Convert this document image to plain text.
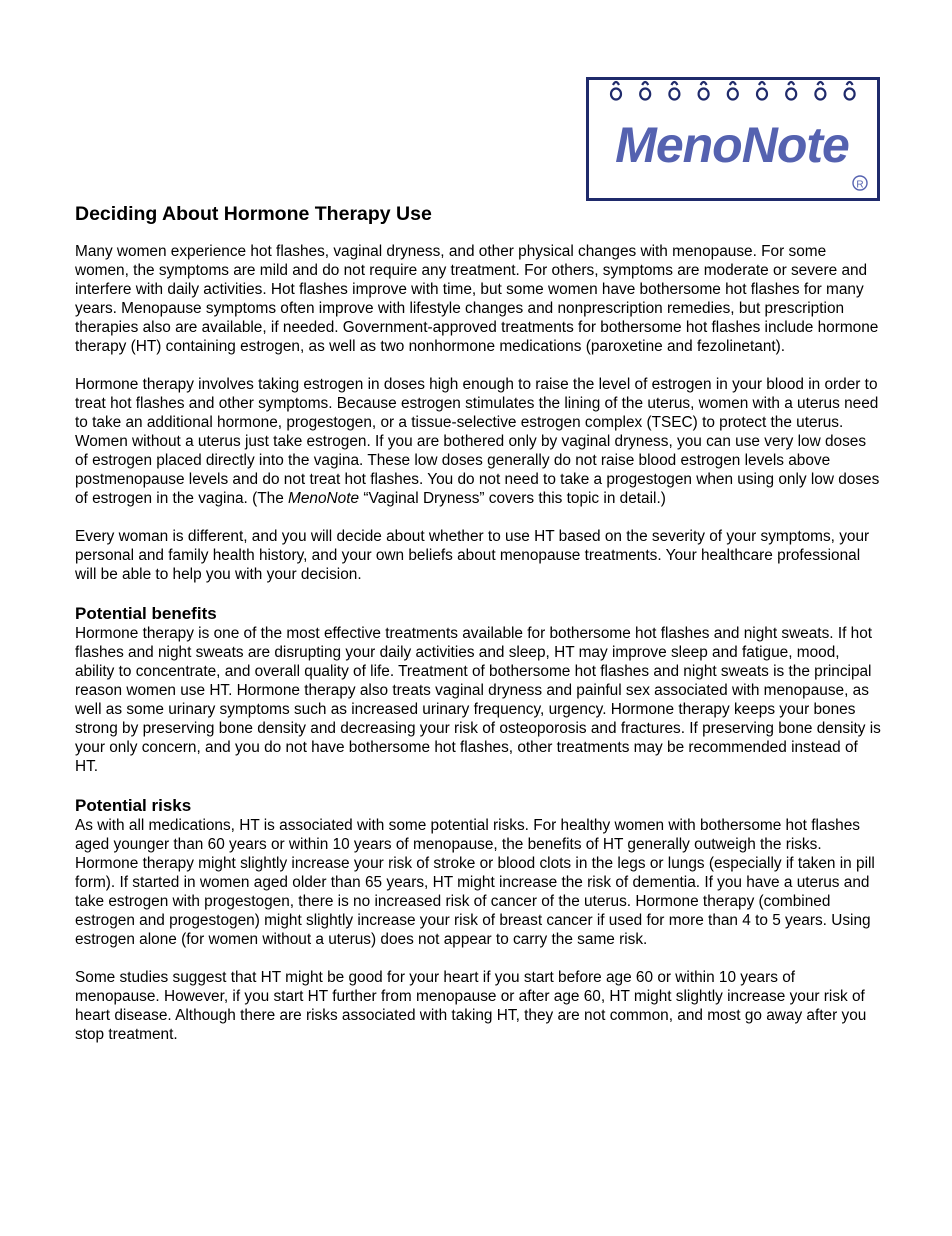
MenoNote
R
Deciding About Hormone Therapy Use

Many women experience hot flashes, vaginal dryness, and other physical changes with menopause. For some women, the symptoms are mild and do not require any treatment. For others, symptoms are moderate or severe and interfere with daily activities. Hot flashes improve with time, but some women have bothersome hot flashes for many years. Menopause symptoms often improve with lifestyle changes and nonprescription remedies, but prescription therapies also are available, if needed. Government-approved treatments for bothersome hot flashes include hormone therapy (HT) containing estrogen, as well as two nonhormone medications (paroxetine and fezolinetant).

Hormone therapy involves taking estrogen in doses high enough to raise the level of estrogen in your blood in order to treat hot flashes and other symptoms. Because estrogen stimulates the lining of the uterus, women with a uterus need to take an additional hormone, progestogen, or a tissue-selective estrogen complex (TSEC) to protect the uterus. Women without a uterus just take estrogen. If you are bothered only by vaginal dryness, you can use very low doses of estrogen placed directly into the vagina. These low doses generally do not raise blood estrogen levels above postmenopause levels and do not treat hot flashes. You do not need to take a progestogen when using only low doses of estrogen in the vagina. (The MenoNote “Vaginal Dryness” covers this topic in detail.)

Every woman is different, and you will decide about whether to use HT based on the severity of your symptoms, your personal and family health history, and your own beliefs about menopause treatments. Your healthcare professional will be able to help you with your decision.

Potential benefits

Hormone therapy is one of the most effective treatments available for bothersome hot flashes and night sweats. If hot flashes and night sweats are disrupting your daily activities and sleep, HT may improve sleep and fatigue, mood, ability to concentrate, and overall quality of life. Treatment of bothersome hot flashes and night sweats is the principal reason women use HT. Hormone therapy also treats vaginal dryness and painful sex associated with menopause, as well as some urinary symptoms such as increased urinary frequency, urgency. Hormone therapy keeps your bones strong by preserving bone density and decreasing your risk of osteoporosis and fractures. If preserving bone density is your only concern, and you do not have bothersome hot flashes, other treatments may be recommended instead of HT.

Potential risks

As with all medications, HT is associated with some potential risks. For healthy women with bothersome hot flashes aged younger than 60 years or within 10 years of menopause, the benefits of HT generally outweigh the risks. Hormone therapy might slightly increase your risk of stroke or blood clots in the legs or lungs (especially if taken in pill form). If started in women aged older than 65 years, HT might increase the risk of dementia. If you have a uterus and take estrogen with progestogen, there is no increased risk of cancer of the uterus. Hormone therapy (combined estrogen and progestogen) might slightly increase your risk of breast cancer if used for more than 4 to 5 years. Using estrogen alone (for women without a uterus) does not appear to carry the same risk.

Some studies suggest that HT might be good for your heart if you start before age 60 or within 10 years of menopause. However, if you start HT further from menopause or after age 60, HT might slightly increase your risk of heart disease. Although there are risks associated with taking HT, they are not common, and most go away after you stop treatment.
